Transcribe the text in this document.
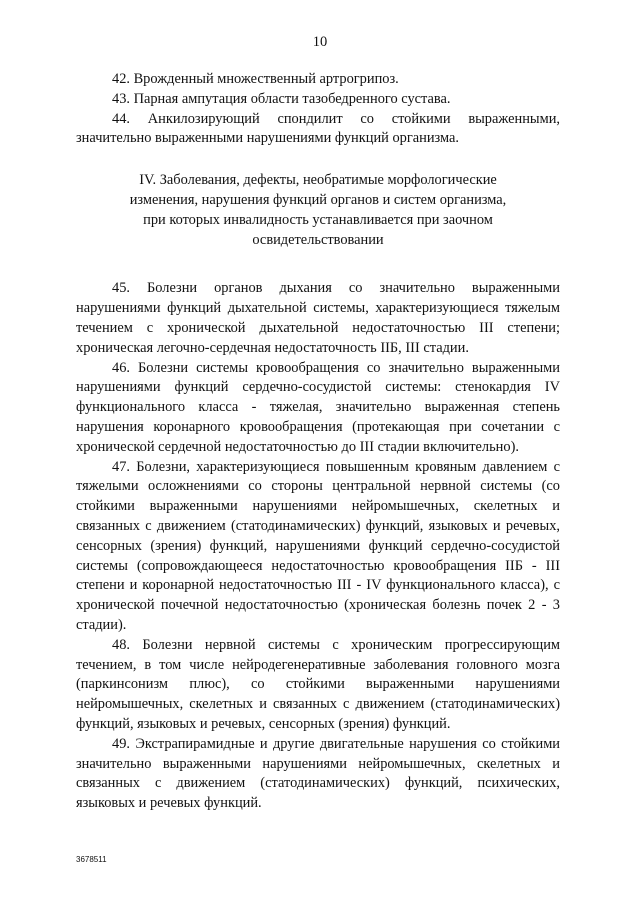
10

42. Врожденный множественный артрогрипоз.

43. Парная ампутация области тазобедренного сустава.

44. Анкилозирующий спондилит со стойкими выраженными, значительно выраженными нарушениями функций организма.

IV. Заболевания, дефекты, необратимые морфологические
изменения, нарушения функций органов и систем организма,
при которых инвалидность устанавливается при заочном
освидетельствовании

45. Болезни органов дыхания со значительно выраженными нарушениями функций дыхательной системы, характеризующиеся тяжелым течением с хронической дыхательной недостаточностью III степени; хроническая легочно-сердечная недостаточность IIБ, III стадии.

46. Болезни системы кровообращения со значительно выраженными нарушениями функций сердечно-сосудистой системы: стенокардия IV функционального класса - тяжелая, значительно выраженная степень нарушения коронарного кровообращения (протекающая при сочетании с хронической сердечной недостаточностью до III стадии включительно).

47. Болезни, характеризующиеся повышенным кровяным давлением с тяжелыми осложнениями со стороны центральной нервной системы (со стойкими выраженными нарушениями нейромышечных, скелетных и связанных с движением (статодинамических) функций, языковых и речевых, сенсорных (зрения) функций, нарушениями функций сердечно-сосудистой системы (сопровождающееся недостаточностью кровообращения IIБ - III степени и коронарной недостаточностью III - IV функционального класса), с хронической почечной недостаточностью (хроническая болезнь почек 2 - 3 стадии).

48. Болезни нервной системы с хроническим прогрессирующим течением, в том числе нейродегенеративные заболевания головного мозга (паркинсонизм плюс), со стойкими выраженными нарушениями нейромышечных, скелетных и связанных с движением (статодинамических) функций, языковых и речевых, сенсорных (зрения) функций.

49. Экстрапирамидные и другие двигательные нарушения со стойкими значительно выраженными нарушениями нейромышечных, скелетных и связанных с движением (статодинамических) функций, психических, языковых и речевых функций.

3678511
